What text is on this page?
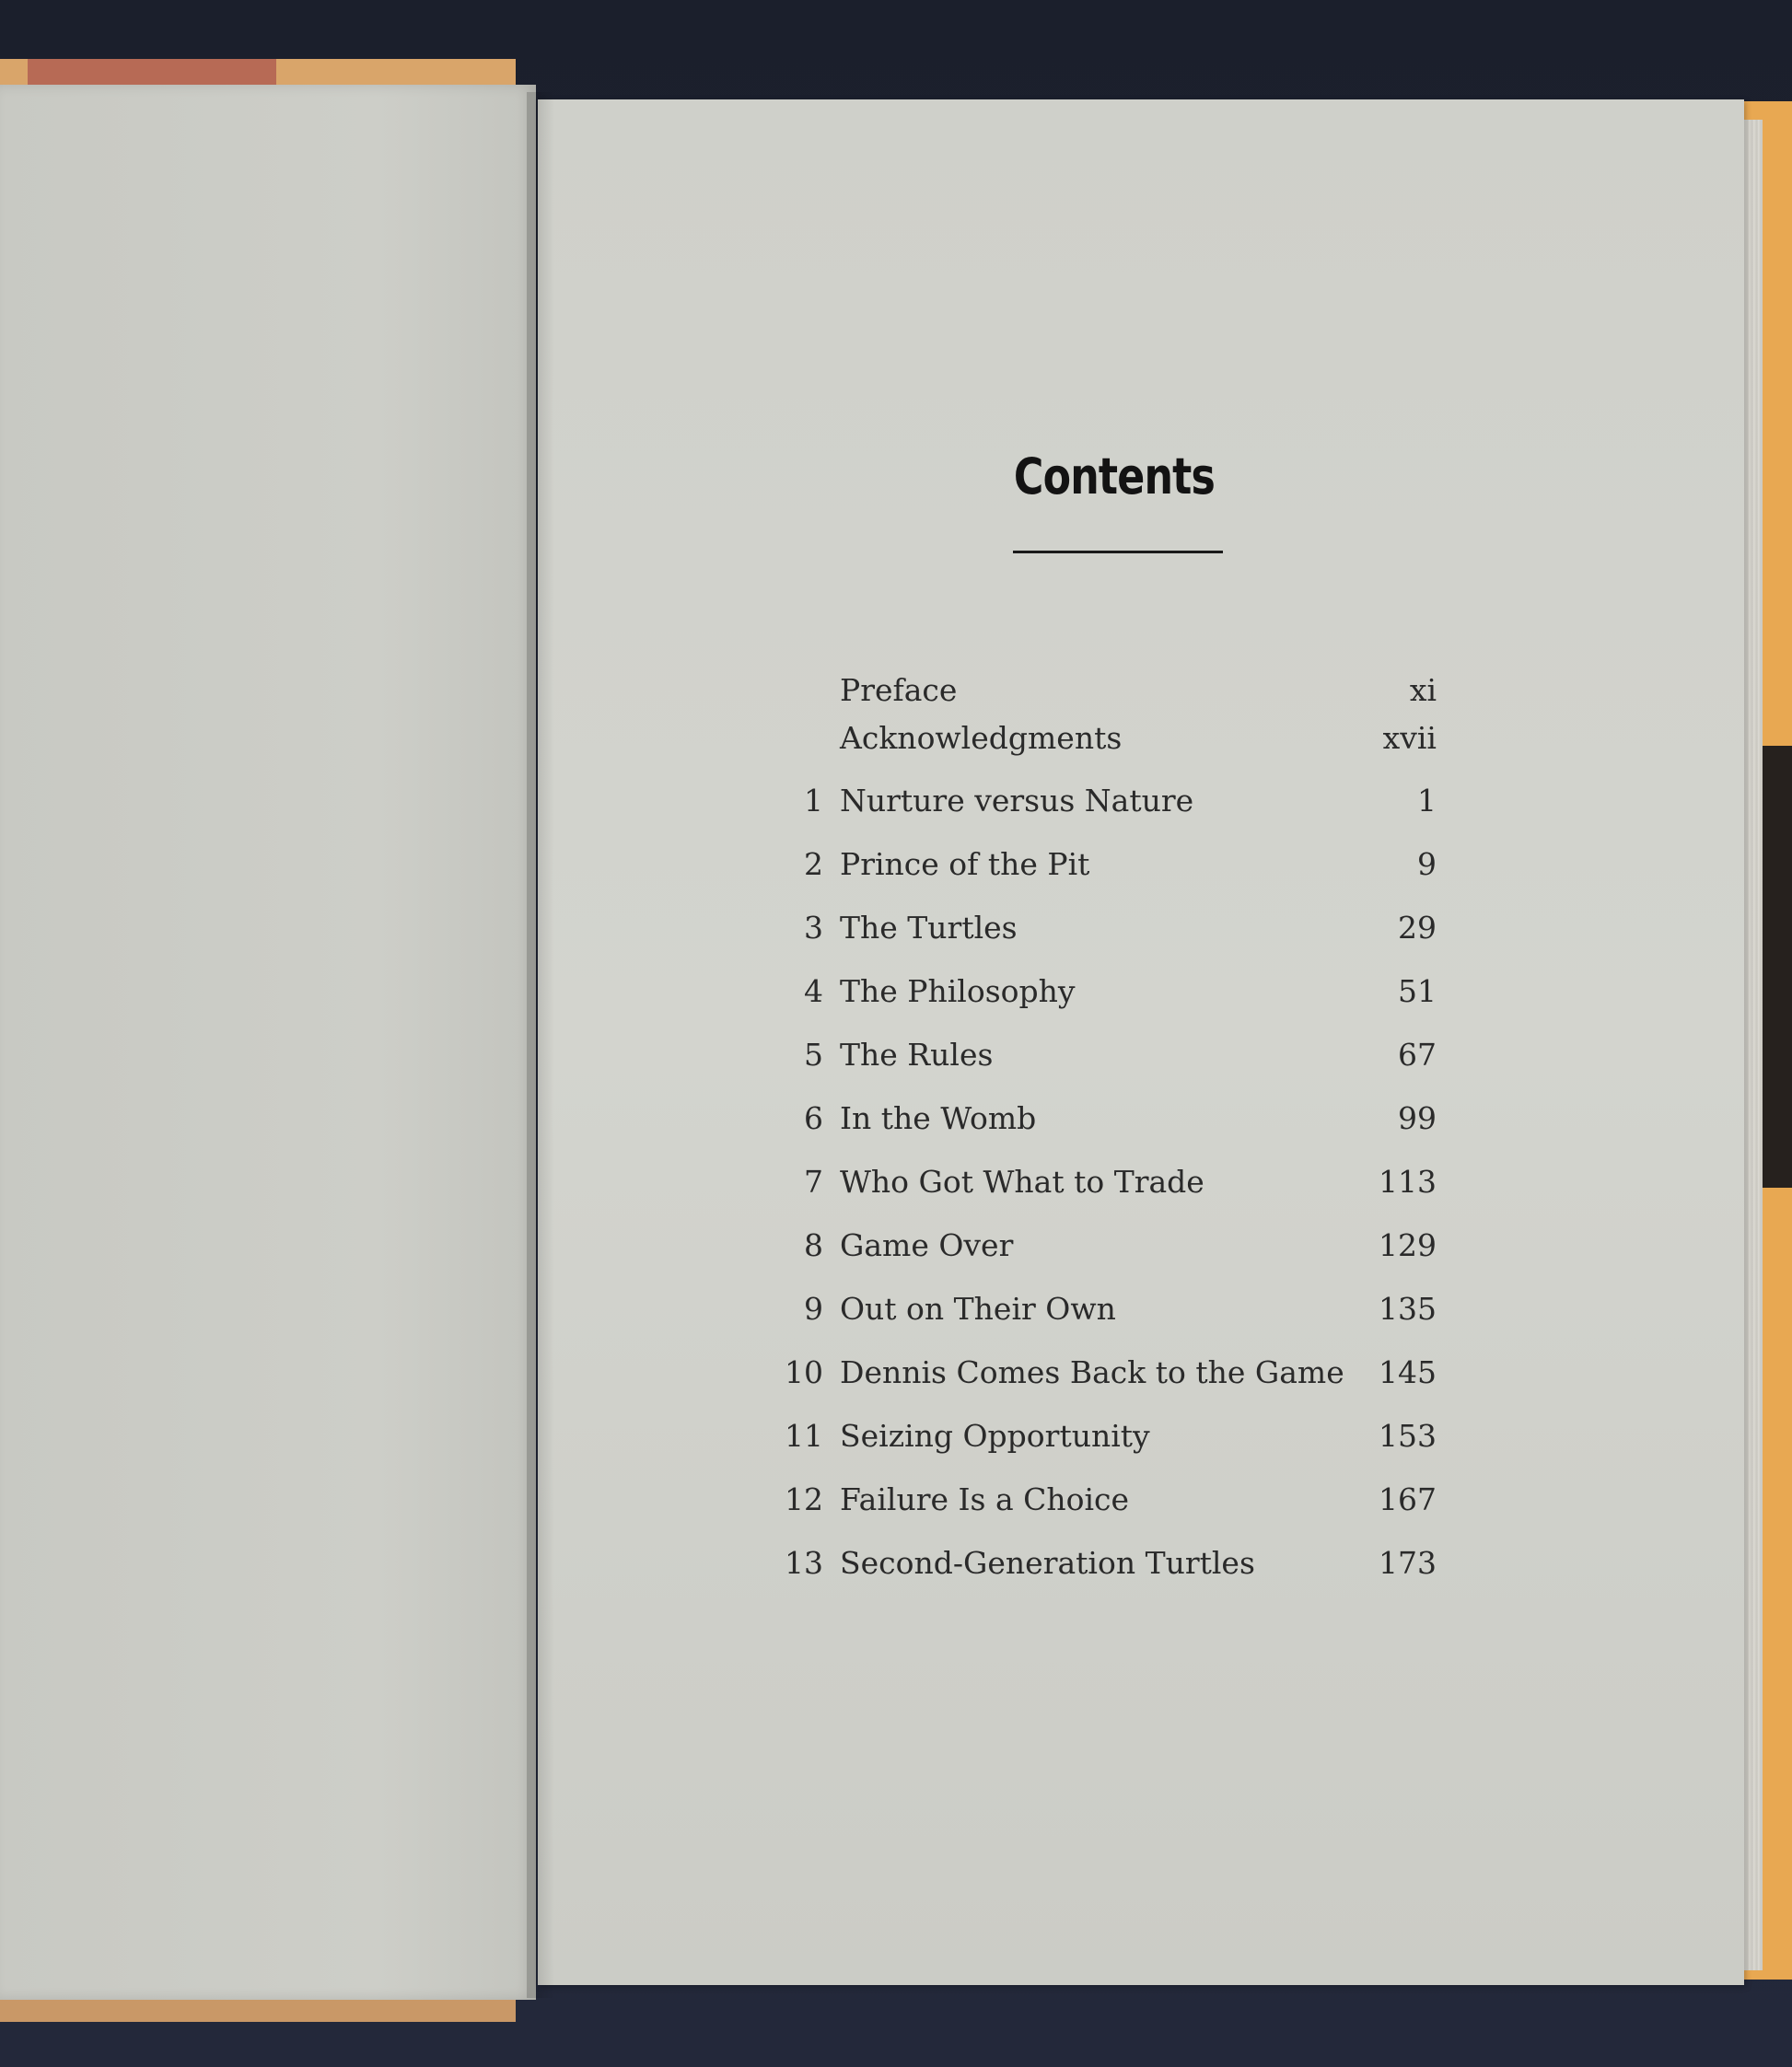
Contents
Preface	xi
Acknowledgments	xvii
1 Nurture versus Nature	1
2 Prince of the Pit	9
3 The Turtles	29
4 The Philosophy	51
5 The Rules	67
6 In the Womb	99
7 Who Got What to Trade	113
8 Game Over	129
9 Out on Their Own	135
10 Dennis Comes Back to the Game 145
11 Seizing Opportunity	153
12 Failure Is a Choice	167
13 Second-Generation Turtles	173
